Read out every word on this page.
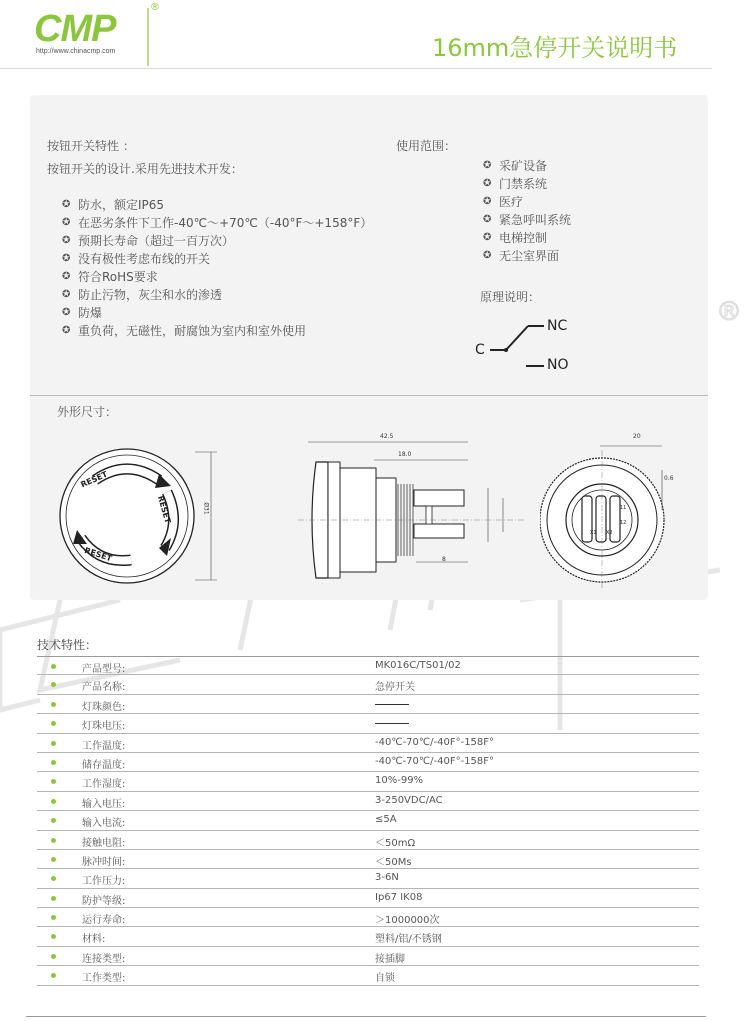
®
CMP
®
http://www.chinacmp.com	16mm急停开关说明书
按钮开关特性 ：
按钮开关的设计.采用先进技术开发：
✪ 防水，额定IP65
✪ 在恶劣条件下工作-40℃～+70℃（-40°F～+158°F）
✪ 预期长寿命（超过一百万次）
✪ 没有极性考虑布线的开关
✪ 符合RoHS要求
✪ 防止污物，灰尘和水的渗透
✪ 防爆
✪ 重负荷，无磁性，耐腐蚀为室内和室外使用
使用范围：
✪ 采矿设备
✪ 门禁系统
✪ 医疗
✪ 紧急呼叫系统
✪ 电梯控制
✪ 无尘室界面
原理说明：
NC
C
NO
外形尺寸：
RESET
RESET
RESET
Ø31
42.5
18.0
8
X1 X2
11
12
20
0.6
技术特性：
产品型号:	MK016C/TS01/02
产品名称:	急停开关
灯珠颜色:
灯珠电压:
工作温度:	-40℃-70℃/-40F°-158F°
储存温度:	-40℃-70℃/-40F°-158F°
工作湿度:	10%-99%
输入电压:	3-250VDC/AC
输入电流:	≤5A
接触电阻:	＜50mΩ
脉冲时间:	＜50Ms
工作压力:	3-6N
防护等级:	Ip67 IK08
运行寿命:	＞1000000次
材料:	塑料/铝/不锈钢
连接类型:	接插脚
工作类型:	自锁
